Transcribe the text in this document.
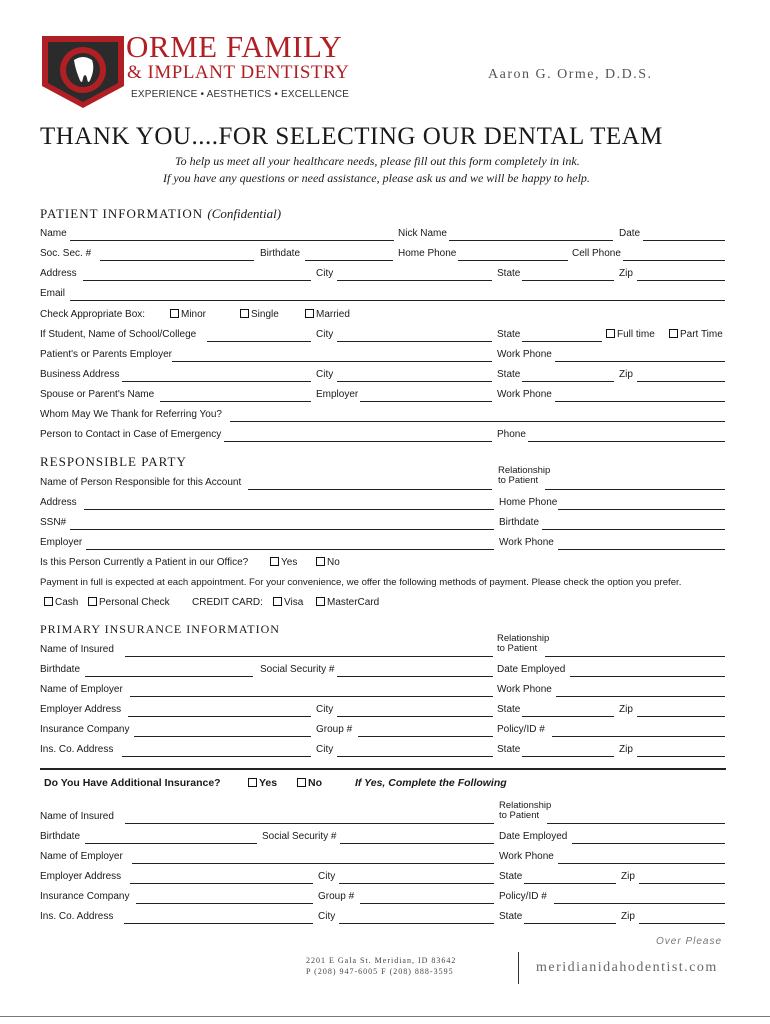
ORME FAMILY
& IMPLANT DENTISTRY
EXPERIENCE • AESTHETICS • EXCELLENCE
Aaron G. Orme, D.D.S.
THANK YOU....FOR SELECTING OUR DENTAL TEAM
To help us meet all your healthcare needs, please fill out this form completely in ink.
If you have any questions or need assistance, please ask us and we will be happy to help.
PATIENT INFORMATION (Confidential)
Name	Nick Name	Date
Soc. Sec. #	Birthdate	Home Phone	Cell Phone
Address	City	State	Zip
Email
Check Appropriate Box:	Minor	Single	Married
If Student, Name of School/College	City	State	Full time	Part Time
Patient's or Parents Employer	Work Phone
Business Address	City	State	Zip
Spouse or Parent's Name	Employer	Work Phone
Whom May We Thank for Referring You?
Person to Contact in Case of Emergency	Phone
RESPONSIBLE PARTY
Relationship
to Patient
Name of Person Responsible for this Account
Address	Home Phone
SSN#	Birthdate
Employer	Work Phone
Is this Person Currently a Patient in our Office?	Yes	No
Payment in full is expected at each appointment. For your convenience, we offer the following methods of payment. Please check the option you prefer.
Cash	Personal Check CREDIT CARD:	Visa	MasterCard
PRIMARY INSURANCE INFORMATION
Relationship
to Patient
Name of Insured
Birthdate	Social Security #	Date Employed
Name of Employer	Work Phone
Employer Address	City	State	Zip
Insurance Company	Group #	Policy/ID #
Ins. Co. Address	City	State	Zip
Do You Have Additional Insurance?	Yes	No	If Yes, Complete the Following
Relationship
to Patient
Name of Insured
Birthdate	Social Security #	Date Employed
Name of Employer	Work Phone
Employer Address	City	State	Zip
Insurance Company	Group #	Policy/ID #
Ins. Co. Address	City	State	Zip
Over Please
2201 E Gala St. Meridian, ID 83642
P (208) 947-6005 F (208) 888-3595	meridianidahodentist.com
